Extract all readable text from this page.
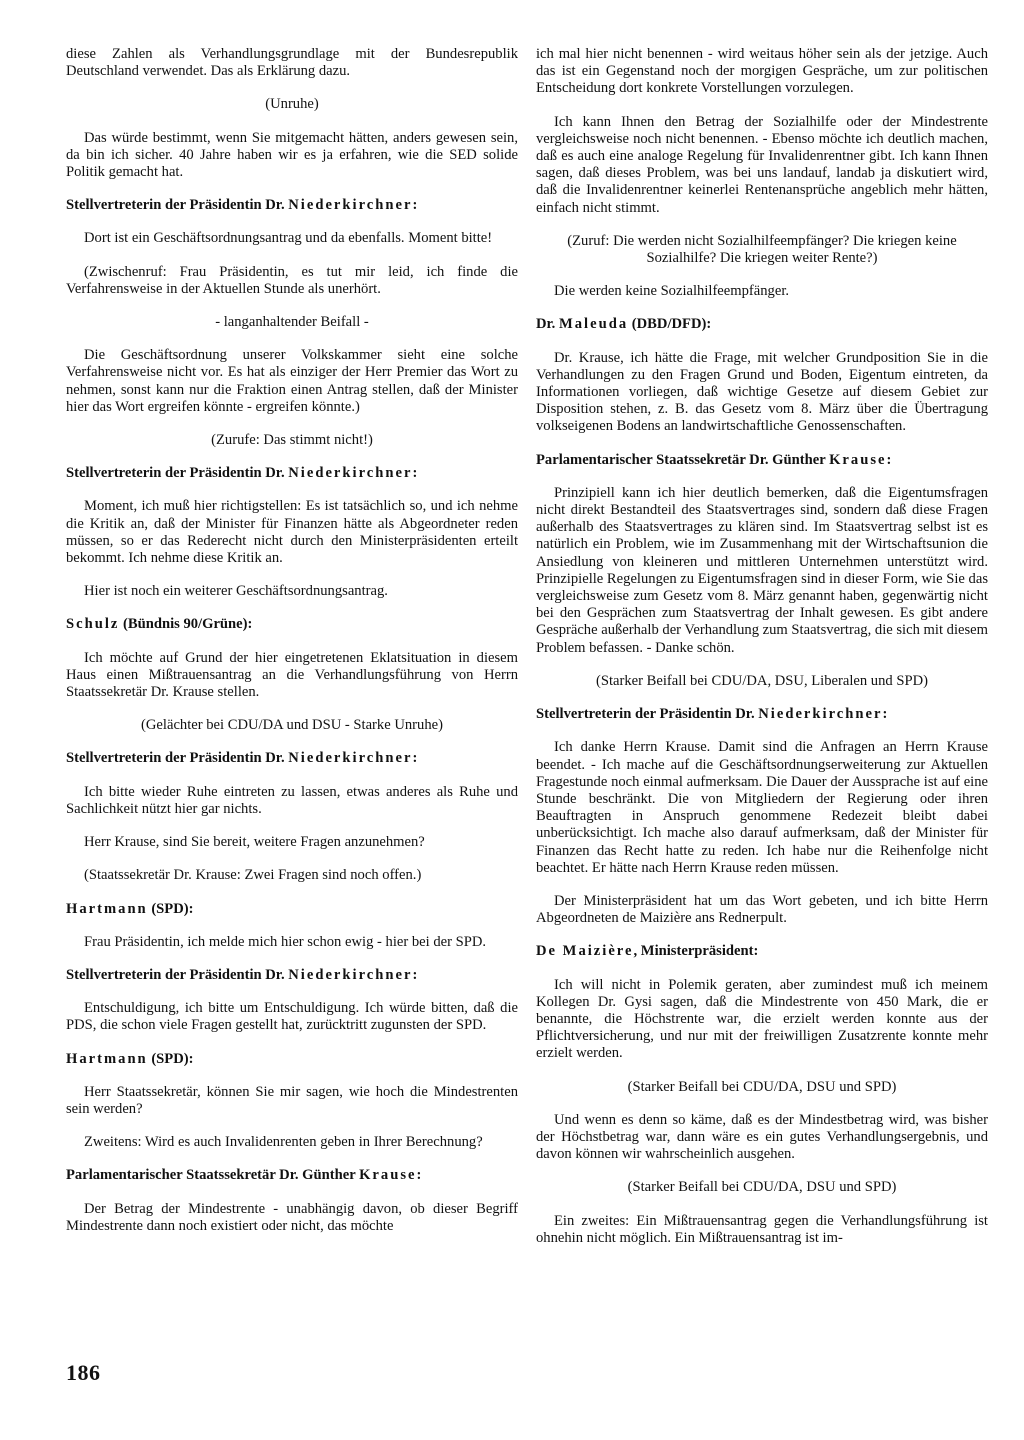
diese Zahlen als Verhandlungsgrundlage mit der Bundesrepublik Deutschland verwendet. Das als Erklärung dazu.

(Unruhe)

Das würde bestimmt, wenn Sie mitgemacht hätten, anders gewesen sein, da bin ich sicher. 40 Jahre haben wir es ja erfahren, wie die SED solide Politik gemacht hat.

Stellvertreterin der Präsidentin Dr. Niederkirchner:

Dort ist ein Geschäftsordnungsantrag und da ebenfalls. Moment bitte!

(Zwischenruf: Frau Präsidentin, es tut mir leid, ich finde die Verfahrensweise in der Aktuellen Stunde als unerhört.

- langanhaltender Beifall -

Die Geschäftsordnung unserer Volkskammer sieht eine solche Verfahrensweise nicht vor. Es hat als einziger der Herr Premier das Wort zu nehmen, sonst kann nur die Fraktion einen Antrag stellen, daß der Minister hier das Wort ergreifen könnte - ergreifen könnte.)

(Zurufe: Das stimmt nicht!)

Stellvertreterin der Präsidentin Dr. Niederkirchner:

Moment, ich muß hier richtigstellen: Es ist tatsächlich so, und ich nehme die Kritik an, daß der Minister für Finanzen hätte als Abgeordneter reden müssen, so er das Rederecht nicht durch den Ministerpräsidenten erteilt bekommt. Ich nehme diese Kritik an.

Hier ist noch ein weiterer Geschäftsordnungsantrag.

Schulz (Bündnis 90/Grüne):

Ich möchte auf Grund der hier eingetretenen Eklatsituation in diesem Haus einen Mißtrauensantrag an die Verhandlungsführung von Herrn Staatssekretär Dr. Krause stellen.

(Gelächter bei CDU/DA und DSU - Starke Unruhe)

Stellvertreterin der Präsidentin Dr. Niederkirchner:

Ich bitte wieder Ruhe eintreten zu lassen, etwas anderes als Ruhe und Sachlichkeit nützt hier gar nichts.

Herr Krause, sind Sie bereit, weitere Fragen anzunehmen?

(Staatssekretär Dr. Krause: Zwei Fragen sind noch offen.)

Hartmann (SPD):

Frau Präsidentin, ich melde mich hier schon ewig - hier bei der SPD.

Stellvertreterin der Präsidentin Dr. Niederkirchner:

Entschuldigung, ich bitte um Entschuldigung. Ich würde bitten, daß die PDS, die schon viele Fragen gestellt hat, zurücktritt zugunsten der SPD.

Hartmann (SPD):

Herr Staatssekretär, können Sie mir sagen, wie hoch die Mindestrenten sein werden?

Zweitens: Wird es auch Invalidenrenten geben in Ihrer Berechnung?

Parlamentarischer Staatssekretär Dr. Günther Krause:

Der Betrag der Mindestrente - unabhängig davon, ob dieser Begriff Mindestrente dann noch existiert oder nicht, das möchte

ich mal hier nicht benennen - wird weitaus höher sein als der jetzige. Auch das ist ein Gegenstand noch der morgigen Gespräche, um zur politischen Entscheidung dort konkrete Vorstellungen vorzulegen.

Ich kann Ihnen den Betrag der Sozialhilfe oder der Mindestrente vergleichsweise noch nicht benennen. - Ebenso möchte ich deutlich machen, daß es auch eine analoge Regelung für Invalidenrentner gibt. Ich kann Ihnen sagen, daß dieses Problem, was bei uns landauf, landab ja diskutiert wird, daß die Invalidenrentner keinerlei Rentenansprüche angeblich mehr hätten, einfach nicht stimmt.

(Zuruf: Die werden nicht Sozialhilfeempfänger? Die kriegen keine Sozialhilfe? Die kriegen weiter Rente?)

Die werden keine Sozialhilfeempfänger.

Dr. Maleuda (DBD/DFD):

Dr. Krause, ich hätte die Frage, mit welcher Grundposition Sie in die Verhandlungen zu den Fragen Grund und Boden, Eigentum eintreten, da Informationen vorliegen, daß wichtige Gesetze auf diesem Gebiet zur Disposition stehen, z. B. das Gesetz vom 8. März über die Übertragung volkseigenen Bodens an landwirtschaftliche Genossenschaften.

Parlamentarischer Staatssekretär Dr. Günther Krause:

Prinzipiell kann ich hier deutlich bemerken, daß die Eigentumsfragen nicht direkt Bestandteil des Staatsvertrages sind, sondern daß diese Fragen außerhalb des Staatsvertrages zu klären sind. Im Staatsvertrag selbst ist es natürlich ein Problem, wie im Zusammenhang mit der Wirtschaftsunion die Ansiedlung von kleineren und mittleren Unternehmen unterstützt wird. Prinzipielle Regelungen zu Eigentumsfragen sind in dieser Form, wie Sie das vergleichsweise zum Gesetz vom 8. März genannt haben, gegenwärtig nicht bei den Gesprächen zum Staatsvertrag der Inhalt gewesen. Es gibt andere Gespräche außerhalb der Verhandlung zum Staatsvertrag, die sich mit diesem Problem befassen. - Danke schön.

(Starker Beifall bei CDU/DA, DSU, Liberalen und SPD)

Stellvertreterin der Präsidentin Dr. Niederkirchner:

Ich danke Herrn Krause. Damit sind die Anfragen an Herrn Krause beendet. - Ich mache auf die Geschäftsordnungserweiterung zur Aktuellen Fragestunde noch einmal aufmerksam. Die Dauer der Aussprache ist auf eine Stunde beschränkt. Die von Mitgliedern der Regierung oder ihren Beauftragten in Anspruch genommene Redezeit bleibt dabei unberücksichtigt. Ich mache also darauf aufmerksam, daß der Minister für Finanzen das Recht hatte zu reden. Ich habe nur die Reihenfolge nicht beachtet. Er hätte nach Herrn Krause reden müssen.

Der Ministerpräsident hat um das Wort gebeten, und ich bitte Herrn Abgeordneten de Maizière ans Rednerpult.

De Maizière, Ministerpräsident:

Ich will nicht in Polemik geraten, aber zumindest muß ich meinem Kollegen Dr. Gysi sagen, daß die Mindestrente von 450 Mark, die er benannte, die Höchstrente war, die erzielt werden konnte aus der Pflichtversicherung, und nur mit der freiwilligen Zusatzrente konnte mehr erzielt werden.

(Starker Beifall bei CDU/DA, DSU und SPD)

Und wenn es denn so käme, daß es der Mindestbetrag wird, was bisher der Höchstbetrag war, dann wäre es ein gutes Verhandlungsergebnis, und davon können wir wahrscheinlich ausgehen.

(Starker Beifall bei CDU/DA, DSU und SPD)

Ein zweites: Ein Mißtrauensantrag gegen die Verhandlungsführung ist ohnehin nicht möglich. Ein Mißtrauensantrag ist im-

186
